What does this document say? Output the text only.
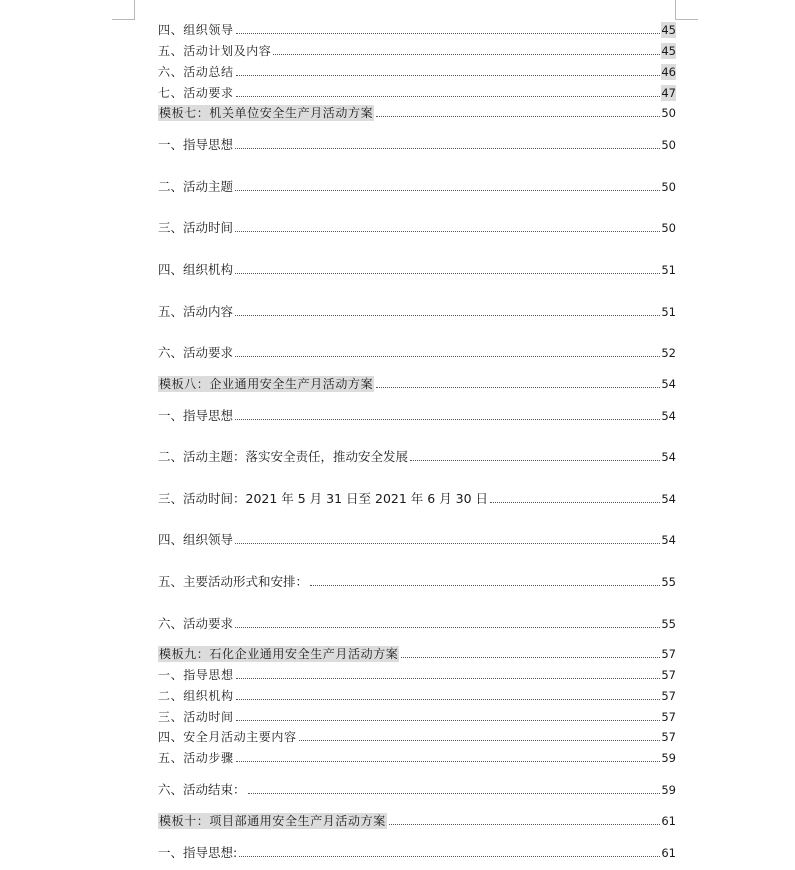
四、组织领导	45
五、活动计划及内容	45
六、活动总结	46
七、活动要求	47
模板七：机关单位安全生产月活动方案	50
一、指导思想	50
二、活动主题	50
三、活动时间	50
四、组织机构	51
五、活动内容	51
六、活动要求	52
模板八：企业通用安全生产月活动方案	54
一、指导思想	54
二、活动主题：落实安全责任，推动安全发展	54
三、活动时间：2021 年 5 月 31 日至 2021 年 6 月 30 日	54
四、组织领导	54
五、主要活动形式和安排：	55
六、活动要求	55
模板九：石化企业通用安全生产月活动方案	57
一、指导思想	57
二、组织机构	57
三、活动时间	57
四、安全月活动主要内容	57
五、活动步骤	59
六、活动结束：	59
模板十：项目部通用安全生产月活动方案	61
一、指导思想:	61
